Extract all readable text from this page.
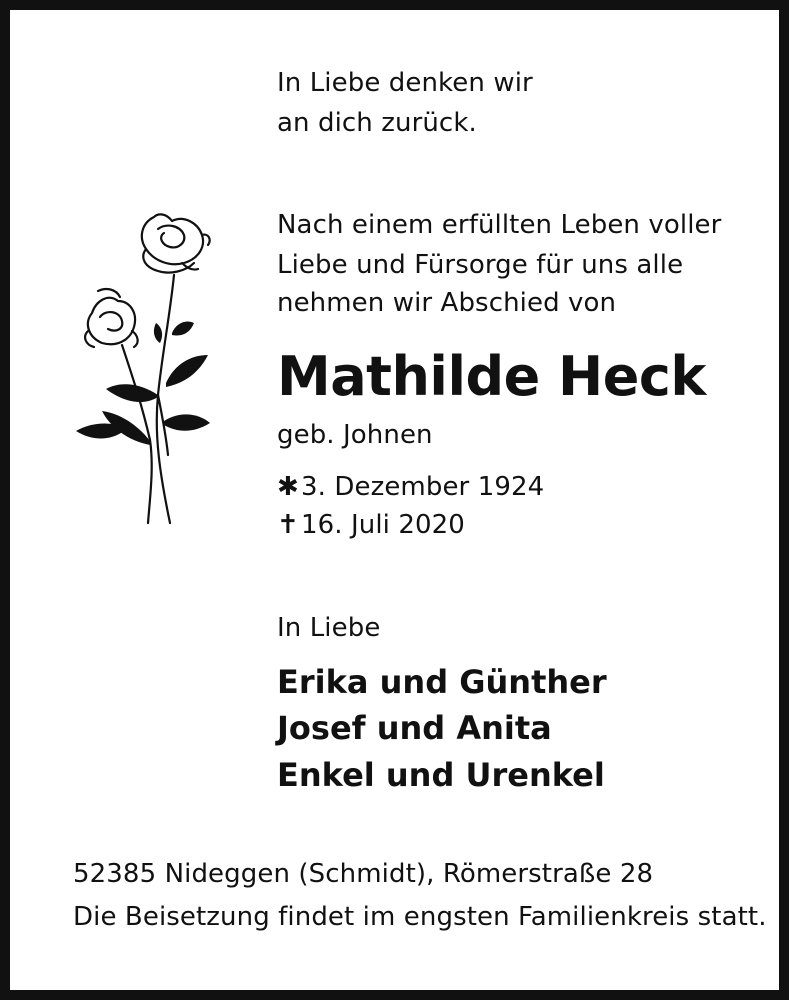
In Liebe denken wir
an dich zurück.
Nach einem erfüllten Leben voller
Liebe und Fürsorge für uns alle
nehmen wir Abschied von
Mathilde Heck
geb. Johnen
✱3. Dezember 1924
✝16. Juli 2020
In Liebe
Erika und Günther
Josef und Anita
Enkel und Urenkel
52385 Nideggen (Schmidt), Römerstraße 28
Die Beisetzung findet im engsten Familienkreis statt.
